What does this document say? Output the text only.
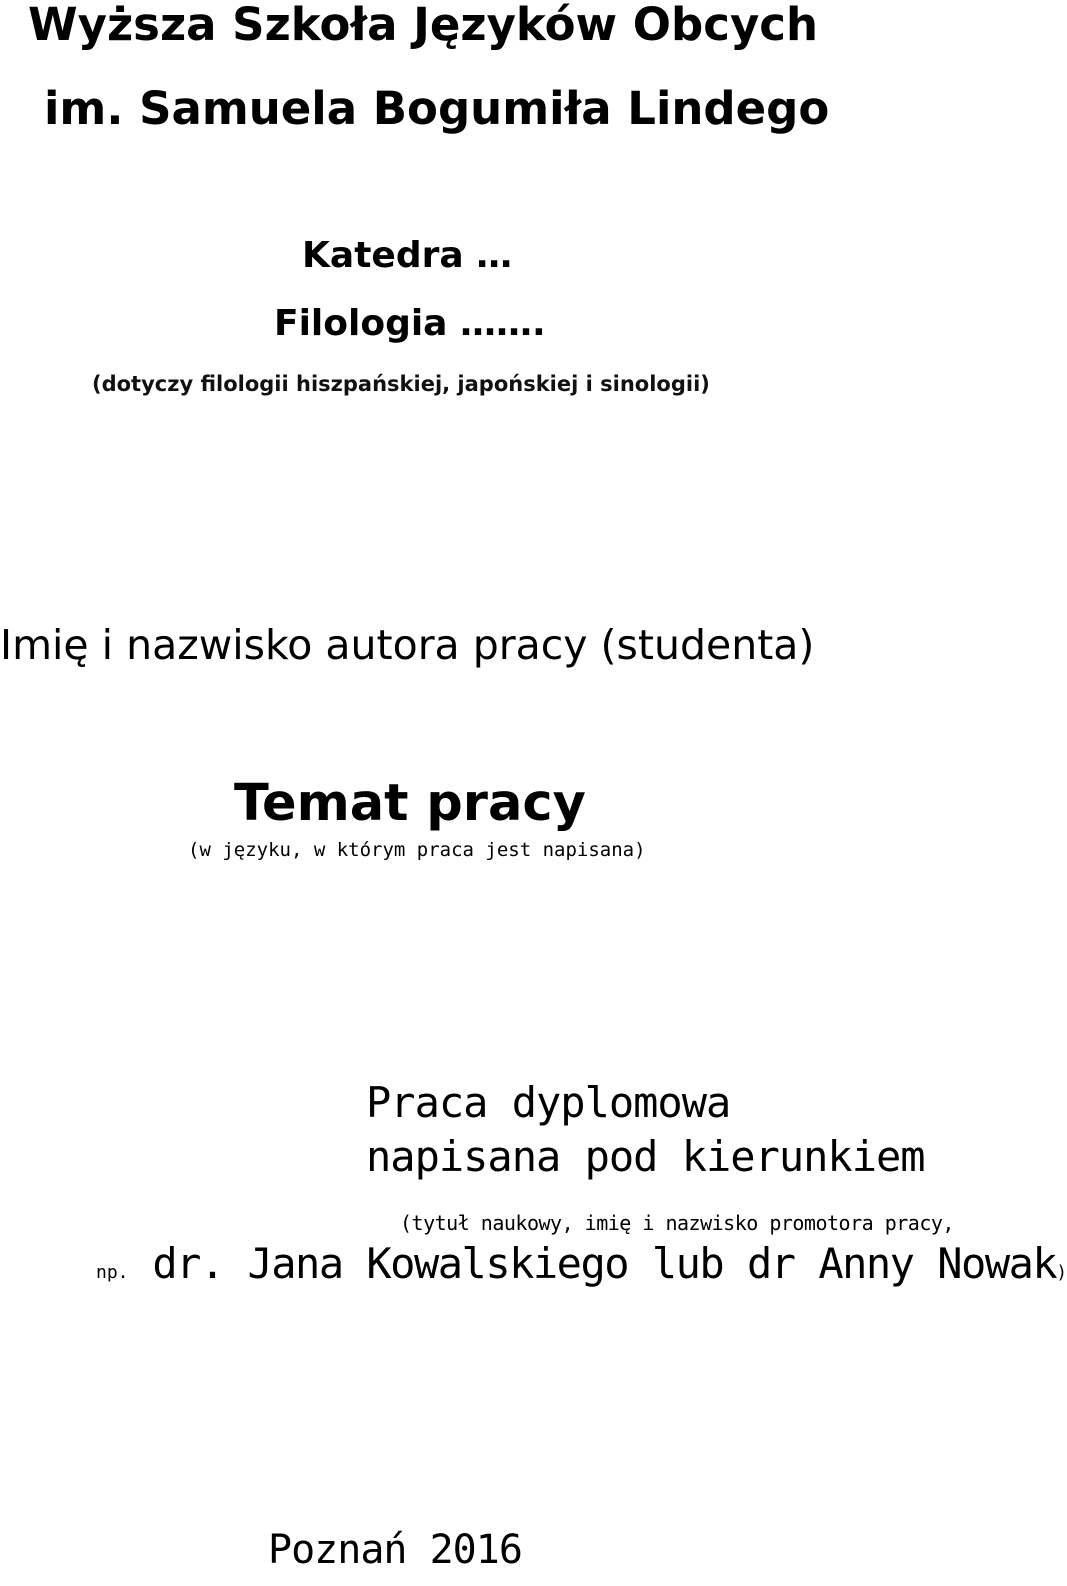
Wyższa Szkoła Języków Obcych

im. Samuela Bogumiła Lindego

Katedra …

Filologia …….

(dotyczy filologii hiszpańskiej, japońskiej i sinologii)

Imię i nazwisko autora pracy (studenta)

Temat pracy

(w języku, w którym praca jest napisana)

Praca dyplomowa

napisana pod kierunkiem

(tytuł naukowy, imię i nazwisko promotora pracy,

np. dr. Jana Kowalskiego lub dr Anny Nowak)

Poznań 2016
